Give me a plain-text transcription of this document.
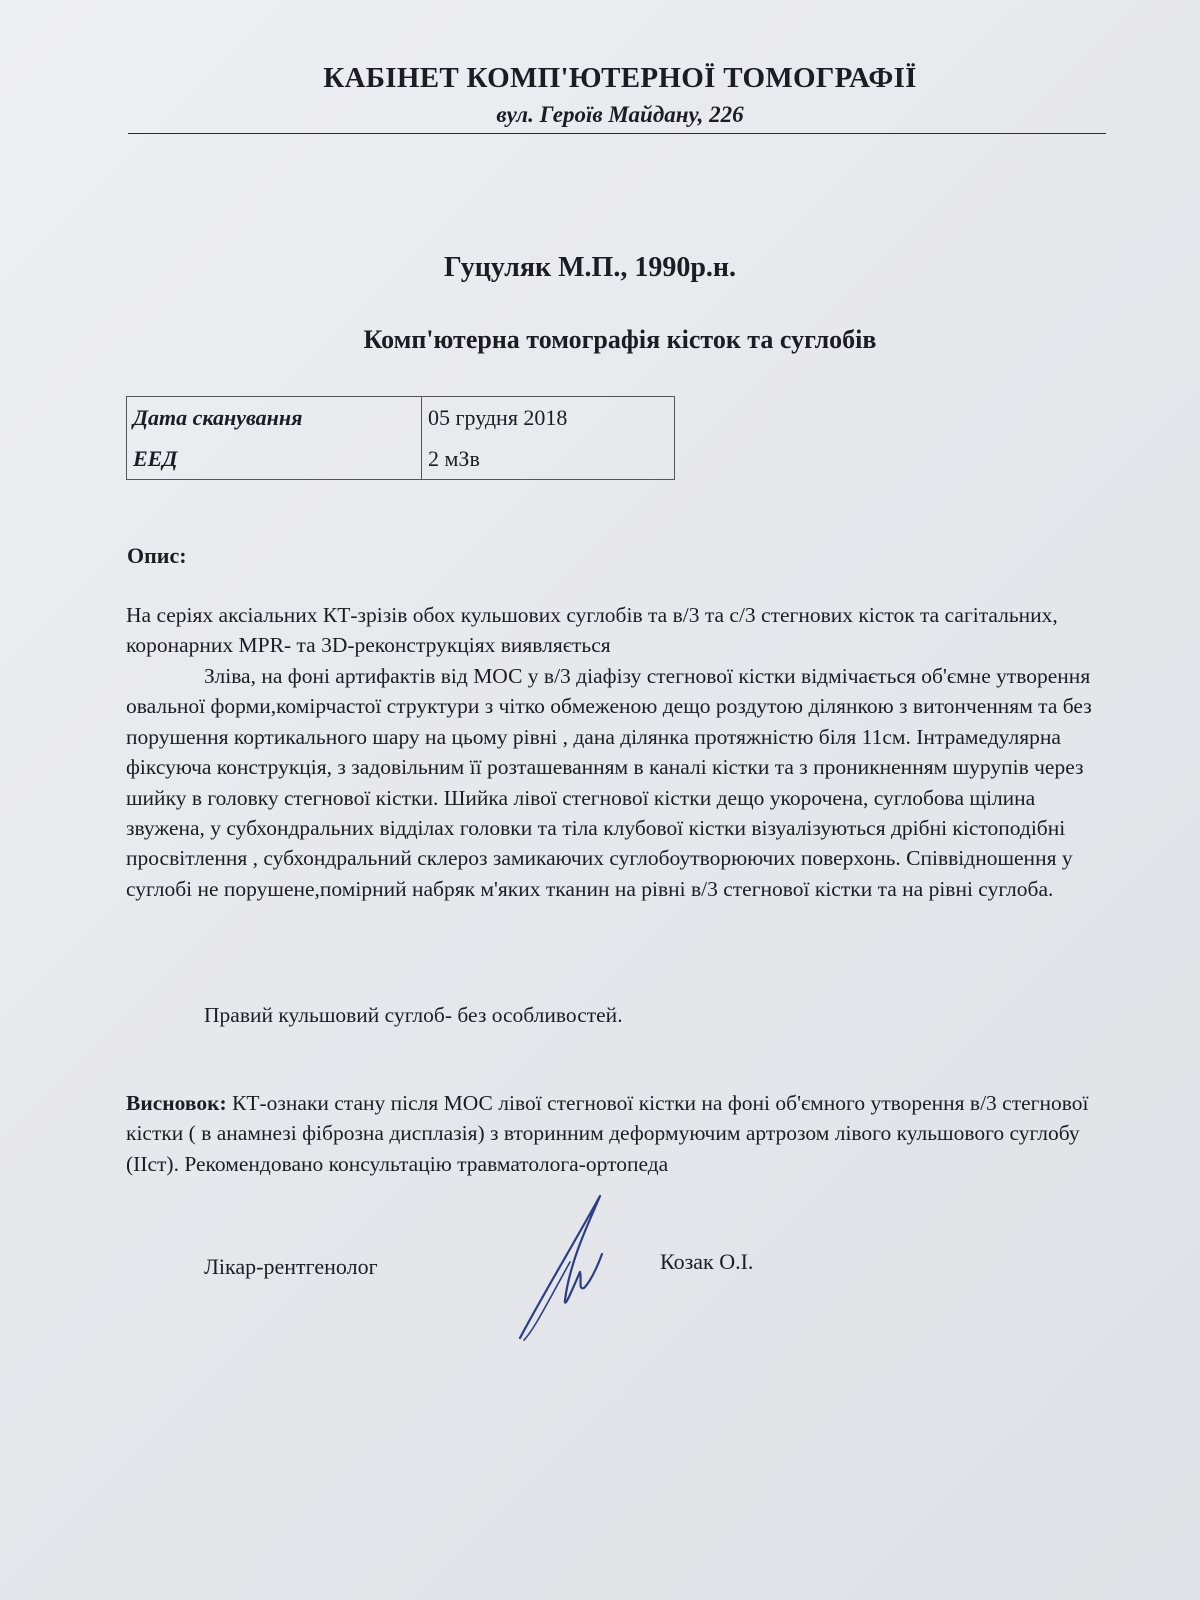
КАБІНЕТ КОМП'ЮТЕРНОЇ ТОМОГРАФІЇ
вул. Героїв Майдану, 226
Гуцуляк М.П., 1990р.н.
Комп'ютерна томографія кісток та суглобів
Дата сканування	05 грудня 2018
ЕЕД	2 мЗв
Опис:

На серіях аксіальних КТ-зрізів обох кульшових суглобів та в/3 та с/3 стегнових кісток та сагітальних, коронарних MPR- та 3D-реконструкціях виявляється

Зліва, на фоні артифактів від МОС у в/3 діафізу стегнової кістки відмічається об'ємне утворення овальної форми,комірчастої структури з чітко обмеженою дещо роздутою ділянкою з витонченням та без порушення кортикального шару на цьому рівні , дана ділянка протяжністю біля 11см. Інтрамедулярна фіксуюча конструкція, з задовільним її розташеванням в каналі кістки та з проникненням шурупів через шийку в головку стегнової кістки. Шийка лівої стегнової кістки дещо укорочена, суглобова щілина звужена, у субхондральних відділах головки та тіла клубової кістки візуалізуються дрібні кістоподібні просвітлення , субхондральний склероз замикаючих суглобоутворюючих поверхонь. Співвідношення у суглобі не порушене,помірний набряк м'яких тканин на рівні в/3 стегнової кістки та на рівні суглоба.

Правий кульшовий суглоб- без особливостей.

Висновок: КТ-ознаки стану після МОС лівої стегнової кістки на фоні об'ємного утворення в/3 стегнової кістки ( в анамнезі фіброзна дисплазія) з вторинним деформуючим артрозом лівого кульшового суглобу (ІІст). Рекомендовано консультацію травматолога-ортопеда

Лікар-рентгенолог	Козак О.І.
